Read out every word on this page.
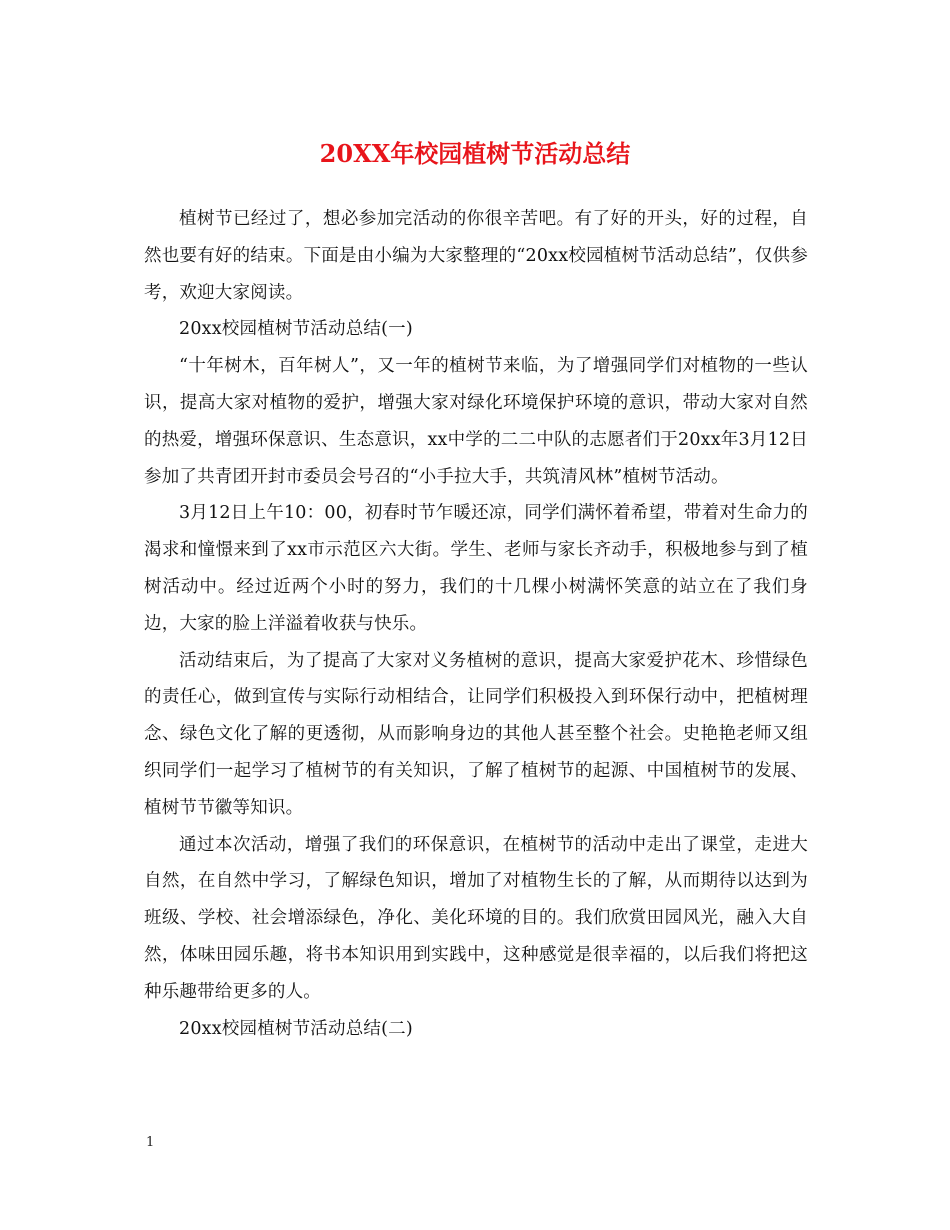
20XX年校园植树节活动总结

植树节已经过了，想必参加完活动的你很辛苦吧。有了好的开头，好的过程，自然也要有好的结束。下面是由小编为大家整理的“20xx校园植树节活动总结”，仅供参考，欢迎大家阅读。

20xx校园植树节活动总结(一)

“十年树木，百年树人”，又一年的植树节来临，为了增强同学们对植物的一些认识，提高大家对植物的爱护，增强大家对绿化环境保护环境的意识，带动大家对自然的热爱，增强环保意识、生态意识，xx中学的二二中队的志愿者们于20xx年3月12日参加了共青团开封市委员会号召的“小手拉大手，共筑清风林”植树节活动。

3月12日上午10：00，初春时节乍暖还凉，同学们满怀着希望，带着对生命力的渴求和憧憬来到了xx市示范区六大街。学生、老师与家长齐动手，积极地参与到了植树活动中。经过近两个小时的努力，我们的十几棵小树满怀笑意的站立在了我们身边，大家的脸上洋溢着收获与快乐。

活动结束后，为了提高了大家对义务植树的意识，提高大家爱护花木、珍惜绿色的责任心，做到宣传与实际行动相结合，让同学们积极投入到环保行动中，把植树理念、绿色文化了解的更透彻，从而影响身边的其他人甚至整个社会。史艳艳老师又组织同学们一起学习了植树节的有关知识，了解了植树节的起源、中国植树节的发展、植树节节徽等知识。

通过本次活动，增强了我们的环保意识，在植树节的活动中走出了课堂，走进大自然，在自然中学习，了解绿色知识，增加了对植物生长的了解，从而期待以达到为班级、学校、社会增添绿色，净化、美化环境的目的。我们欣赏田园风光，融入大自然，体味田园乐趣，将书本知识用到实践中，这种感觉是很幸福的，以后我们将把这种乐趣带给更多的人。

20xx校园植树节活动总结(二)

1
